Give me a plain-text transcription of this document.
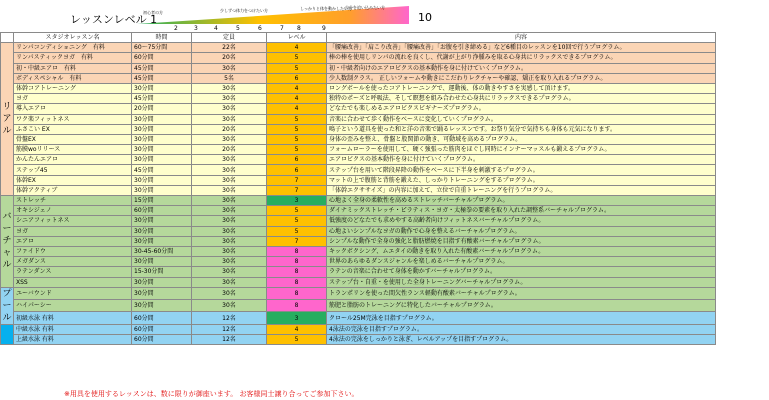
レッスンレベル 1
初心者の方	少しずつ体力をつけたい方	しっかりと体を動かしたい方
自分を追い込みたい方
10
2	3	4	5	6	7 8	9
	スタジオレッスン名	時間	定員	レベル	内容
リアル	リンパコンディショニング　有料	60～75分間	22名	4	「腰痛改善」「肩こり改善」「腰痛改善」「お腹を引き締める」など6種目のレッスンを10回で行うプログラム。
	リンパスティックヨガ　有料	60分間	20名	5	棒の棒を使用しリンパの流れを良くし、代謝が上がり浄腫みを取る心身共にリラックスできるプログラム。
	初・中級エアロ　有料	45分間	30名	5	初・中級者向けのエアロビクスの基本動作を身に付けていくプログラム。
	ボディスペシャル　有料	45分間	5名	6	少人数制クラス。 正しいフォームや動きにこだわりレクチャーや確認、矯正を取り入れるプログラム。
	体幹コアトレーニング	30分間	30名	4	ロングボールを使ったコアトレーニングで、運動後、体の動きやすさを実感して頂けます。
	ヨガ	45分間	30名	4	独特のポーズと呼吸法、そして瞑想を組み合わせた心身共にリラックスできるプログラム。
	導入エアロ	20分間	30名	4	どなたでも楽しめるエアロビクスビギナーズプログラム。
	ワク楽フィットネス	30分間	30名	5	音楽に合わせて歩く動作をベースに変化していくプログラム。
	ふさこい EX	30分間	20名	5	鳴子という道具を使った和と洋の音楽で踊るレッスンです。お祭り気分で気持ちも身体も元気になります。
	骨盤EX	30分間	30名	5	身体の歪みを整え、骨盤と股関節の動き、可動域を高めるプログラム。
	筋膜woリリース	30分間	20名	5	フォームローラーを使用して、硬く強張った筋肉をほぐし同時にインナーマッスルも鍛えるプログラム。
	かんたんエアロ	30分間	30名	6	エアロビクスの基本動作を身に付けていくプログラム。
	ステップ45	45分間	30名	6	ステップ台を用いて階段昇降の動作をベースに下半身を刺激するプログラム。
	体幹EX	30分間	30名	7	マットの上で腹筋と背筋を鍛えた、しっかりトレーニングをするプログラム。
	体幹アクティブ	30分間	30名	7	「体幹エクササイズ」の内容に加えて、立位で自重トレーニングを行うプログラム。
バーチャル	ストレッチ	15分間	30名	3	心地よく全身の柔軟性を高めるストレッチバーチャルプログラム。
	オキシジェノ	60分間	30名	5	ダイナミックストレッチ・ピラティス・ヨガ・太極拳の要素を取り入れた調整系バーチャルプログラム。
	シニアフィットネス	30分間	30名	5	低強度のどなたでも求めやする高齢者向けフィットネスバーチャルプログラム。
	ヨガ	30分間	30名	5	心地よいシンプルなヨガの動作で心身を整えるバーチャルプログラム。
	エアロ	30分間	30名	7	シンプルな動作で全身の強化と脂肪燃焼を目指す有酸素バーチャルプログラム。
	ファイドウ	30-45-60分間	30名	8	キックボクシング、ムエタイの動きを取り入れた有酸素バーチャルプログラム。
	メガダンス	30分間	30名	8	世界のあらゆるダンスジャンルを楽しめるバーチャルプログラム。
	ラテンダンス	15-30分間	30名	8	ラテンの音楽に合わせて身体を動かすバーチャルプログラム。
	XSS	30分間	30名	8	ステップ台・自重・を使用した全身トレーニングバーチャルプログラム。
プール	ユーバウンド	30分間	30名	8	トランポリンを使った間欠性ランス軽動有酸素バーチャルプログラム。
	ハイパーシー	30分間	30名	8	筋肥と脂肪のトレーニングに特化したバーチャルプログラム。
	初級水泳 有料	60分間	12名	3	クロール25M完泳を目指すプログラム。
	中級水泳 有料	60分間	12名	4	4泳法の完泳を目指すプログラム。
	上級水泳 有料	60分間	12名	5	4泳法の完泳をしっかりと泳ぎ、レベルアップを目指すプログラム。
※用具を使用するレッスンは、数に限りが御座います。 お客様同士譲り合ってご参加下さい。
